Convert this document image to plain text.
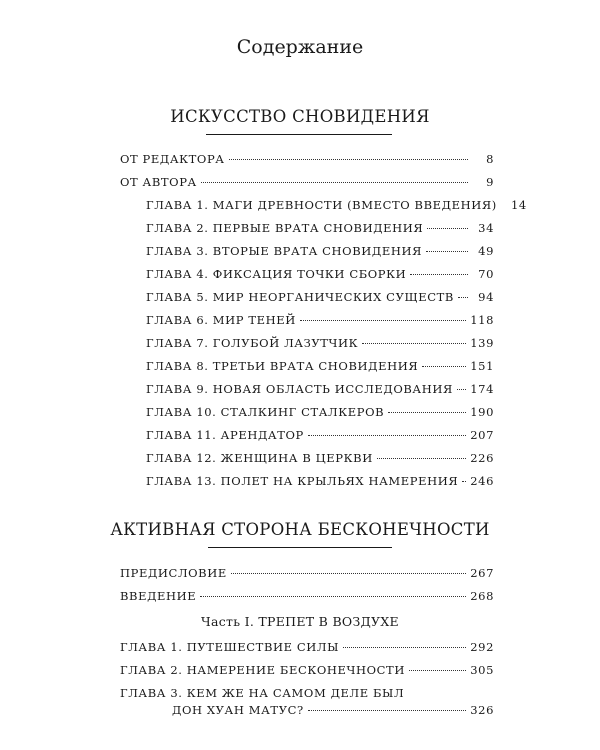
Содержание
ИСКУССТВО СНОВИДЕНИЯ
ОТ РЕДАКТОРА	8
ОТ АВТОРА	9
ГЛАВА 1. МАГИ ДРЕВНОСТИ (ВМЕСТО ВВЕДЕНИЯ)	14
ГЛАВА 2. ПЕРВЫЕ ВРАТА СНОВИДЕНИЯ	34
ГЛАВА 3. ВТОРЫЕ ВРАТА СНОВИДЕНИЯ	49
ГЛАВА 4. ФИКСАЦИЯ ТОЧКИ СБОРКИ	70
ГЛАВА 5. МИР НЕОРГАНИЧЕСКИХ СУЩЕСТВ	94
ГЛАВА 6. МИР ТЕНЕЙ	118
ГЛАВА 7. ГОЛУБОЙ ЛАЗУТЧИК	139
ГЛАВА 8. ТРЕТЬИ ВРАТА СНОВИДЕНИЯ	151
ГЛАВА 9. НОВАЯ ОБЛАСТЬ ИССЛЕДОВАНИЯ 174
ГЛАВА 10. СТАЛКИНГ СТАЛКЕРОВ	190
ГЛАВА 11. АРЕНДАТОР	207
ГЛАВА 12. ЖЕНЩИНА В ЦЕРКВИ	226
ГЛАВА 13. ПОЛЕТ НА КРЫЛЬЯХ НАМЕРЕНИЯ 246
АКТИВНАЯ СТОРОНА БЕСКОНЕЧНОСТИ
ПРЕДИСЛОВИЕ	267
ВВЕДЕНИЕ	268
Часть I. ТРЕПЕТ В ВОЗДУХЕ
ГЛАВА 1. ПУТЕШЕСТВИЕ СИЛЫ	292
ГЛАВА 2. НАМЕРЕНИЕ БЕСКОНЕЧНОСТИ	305
ГЛАВА 3. КЕМ ЖЕ НА САМОМ ДЕЛЕ БЫЛ
ДОН ХУАН МАТУС?	326
